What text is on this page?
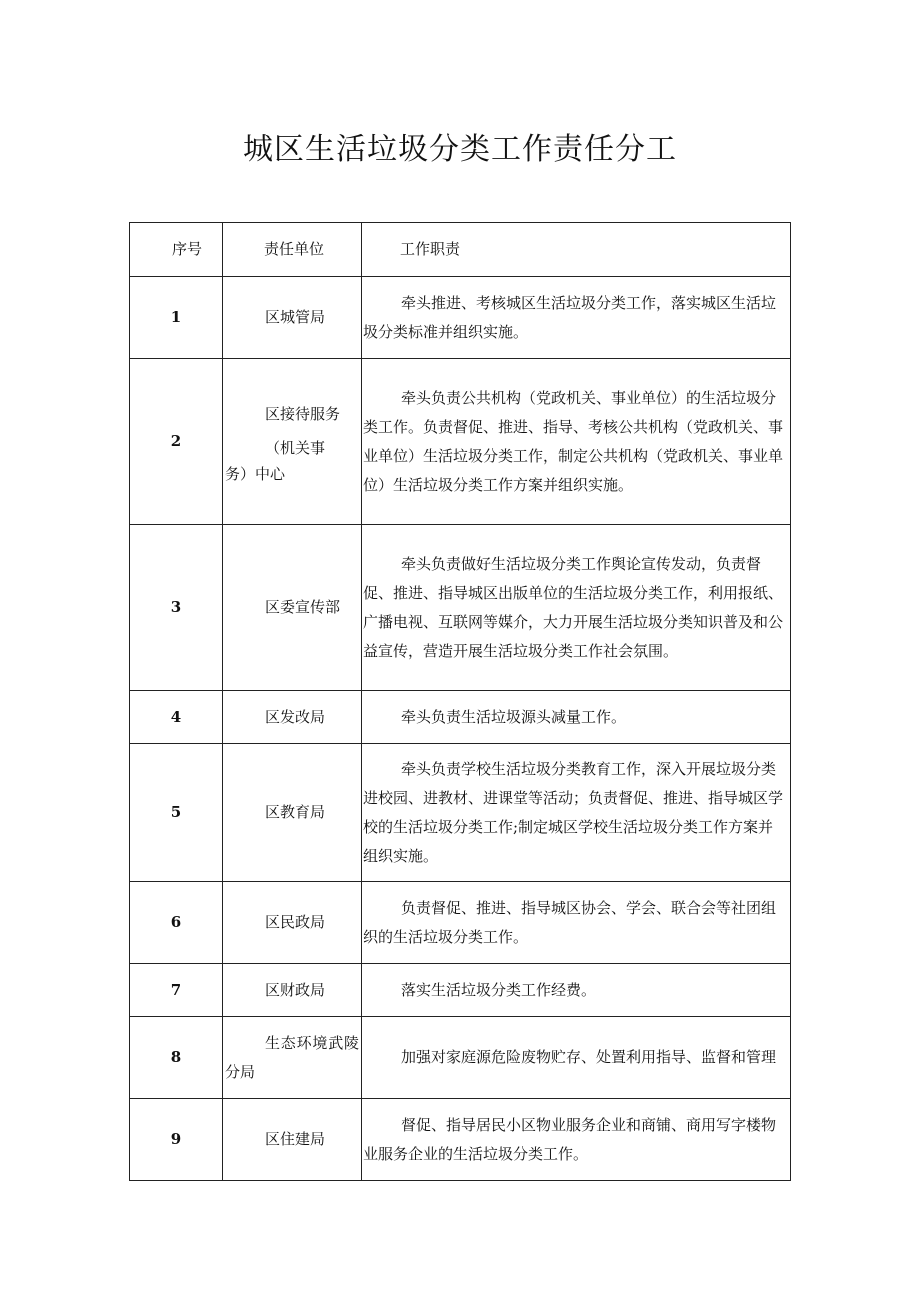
城区生活垃圾分类工作责任分工
序号	责任单位	工作职责
1	区城管局	牵头推进、考核城区生活垃圾分类工作，落实城区生活垃圾分类标准并组织实施。

2	区接待服务
（机关事
务）中心	牵头负责公共机构（党政机关、事业单位）的生活垃圾分类工作。负责督促、推进、指导、考核公共机构（党政机关、事业单位）生活垃圾分类工作，制定公共机构（党政机关、事业单位）生活垃圾分类工作方案并组织实施。

3	区委宣传部	牵头负责做好生活垃圾分类工作舆论宣传发动，负责督促、推进、指导城区出版单位的生活垃圾分类工作，利用报纸、广播电视、互联网等媒介，大力开展生活垃圾分类知识普及和公益宣传，营造开展生活垃圾分类工作社会氛围。

4	区发改局	牵头负责生活垃圾源头减量工作。

5	区教育局	牵头负责学校生活垃圾分类教育工作，深入开展垃圾分类进校园、进教材、进课堂等活动；负责督促、推进、指导城区学校的生活垃圾分类工作;制定城区学校生活垃圾分类工作方案并组织实施。

6	区民政局	负责督促、推进、指导城区协会、学会、联合会等社团组织的生活垃圾分类工作。

7	区财政局	落实生活垃圾分类工作经费。

8	生态环境武陵分局	加强对家庭源危险废物贮存、处置利用指导、监督和管理

9	区住建局	督促、指导居民小区物业服务企业和商铺、商用写字楼物业服务企业的生活垃圾分类工作。
